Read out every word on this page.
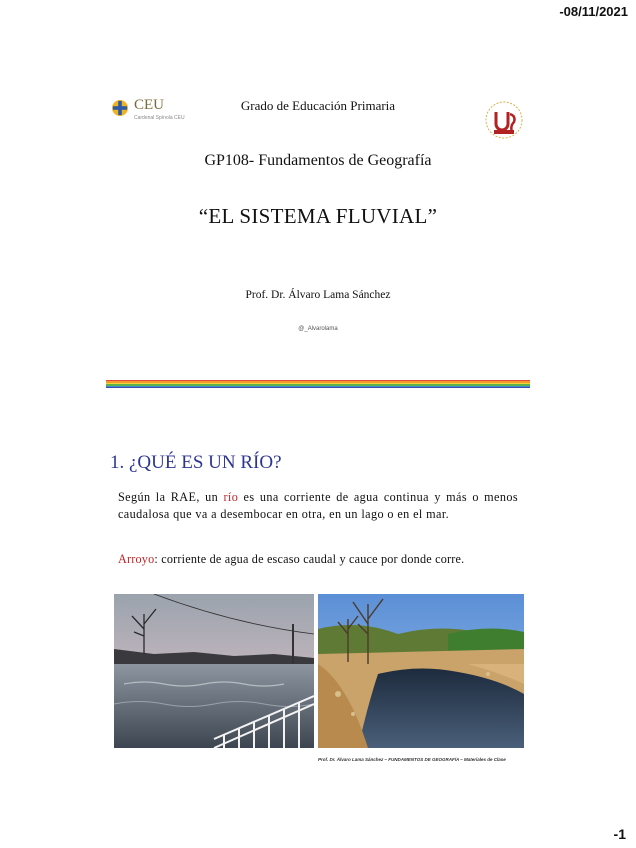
-08/11/2021
CEU
Cardenal Spínola CEU
Grado de Educación Primaria
GP108- Fundamentos de Geografía
“EL SISTEMA FLUVIAL”
Prof. Dr. Álvaro Lama Sánchez
@_Alvarolama
1. ¿QUÉ ES UN RÍO?
Según la RAE, un río es una corriente de agua continua y más o menos caudalosa que va a desembocar en otra, en un lago o en el mar.
Arroyo: corriente de agua de escaso caudal y cauce por donde corre.
Prof. Dr. Álvaro Lama Sánchez – FUNDAMENTOS DE GEOGRAFÍA – Materiales de Clase
-1
